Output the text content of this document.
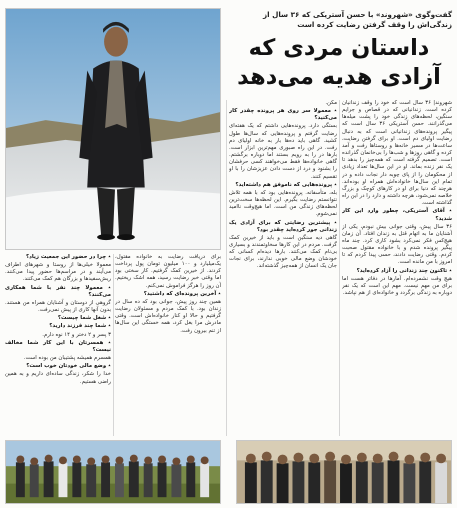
گفت‌وگوی «شهروند» با حسن آستریکی که ۳۶ سال از زندگی‌اش را وقف گرفتن رضایت کرده است
داستان مردی که آزادی هدیه می‌دهد

شهروند| ۳۶ سال است که خود را وقف زندانیان کرده است. زندانیانی که در قصاص و جرایم سنگین، لحظه‌های زندگی خود را پشت میله‌ها می‌گذرانند. حسن آستریکی ۳۶ سال است که پیگیر پرونده‌های زندانیانی است که به دنبال رضایت اولیای دم است. او برای گرفتن رضایت، ساعت‌ها در مسیر خانه‌ها و روستاها رفت و آمد کرده و گاهی روزها و شب‌ها را بی‌خانمان گذرانده است. تصمیم گرفته ‌است که همه‌چیز را بدهد تا یک نفر زنده بماند. او در این سال‌ها تعداد زیادی از محکومان را از پای چوبه دار نجات داده و در تمام این سال‌ها خانواده‌اش همراه او بوده‌اند. هرچند که دنیا برای او در کارهای کوچک و بزرگ خلاصه نمی‌شود، هرچه داشته و دارد را در این راه گذاشته است.

٭ آقای آستریکی، چطور وارد این کار شدید؟

۳۶ سال پیش، وقتی جوانی بیش نبودم، یکی از آشنایان ما به اتهام قتل به زندان افتاد. آن زمان هیچ‌کس فکر نمی‌کرد بشود کاری کرد. چند ماه پیگیر پرونده شدم و با خانواده مقتول صحبت کردم. وقتی رضایت دادند، حسی پیدا کردم که تا امروز با من مانده است.

٭ تاکنون چند زندانی را آزاد کرده‌اید؟

هیچ وقت نشمرده‌ام. آمارها در دفاتر هست اما برای من مهم نیست. مهم این است که یک نفر دوباره به زندگی برگردد و خانواده‌ای از هم نپاشد.

مکن.

٭ معمولا سر روی هر پرونده چقدر کار می‌کنید؟

بستگی دارد. پرونده‌هایی داشتم که یک هفته‌ای رضایت گرفتم و پرونده‌هایی که سال‌ها طول کشید. گاهی باید ده‌ها بار به خانه اولیای دم رفت. در این راه صبوری مهم‌ترین ابزار است. بارها در را به رویم بستند اما دوباره برگشتم. گاهی خانواده‌ها فقط می‌خواهند کسی حرفشان را بشنود و درد از دست دادن عزیزشان را با او تقسیم کنند.

٭ پرونده‌هایی که ناموفق هم داشته‌اید؟

بله، متأسفانه. پرونده‌هایی بود که با همه تلاش نتوانستم رضایت بگیرم. این لحظه‌ها سخت‌ترین لحظه‌های زندگی من است. اما هیچ‌وقت ناامید نمی‌شوم.

٭ پیشترین رضایتی که برای آزادی یک زندانی جور کرده‌اید چقدر بود؟

گاهی دیه سنگین است و باید از خیرین کمک گرفت. مردم در این کارها سخاوتمندند و بسیاری بی‌نام کمک می‌کنند. بارها دیده‌ام کسانی که خودشان وضع مالی خوبی ندارند، برای نجات جان یک انسان از همه‌چیز گذشته‌اند.

برای دریافت رضایت به خانواده مقتول، یک‌میلیارد و ۱۰۰ میلیون تومان پول پرداخت کردند. از خیرین کمک گرفتیم. کار سختی بود اما وقتی خبر رضایت رسید، همه اشک ریختیم. آن روز را هرگز فراموش نمی‌کنم.

٭ آخرین پرونده‌ای که داشتید؟

همین چند روز پیش، جوانی بود که ده سال در زندان بود. با کمک مردم و مسئولان رضایت گرفتیم و حالا او کنار خانواده‌اش است. وقتی مادرش مرا بغل کرد، همه خستگی این سال‌ها از تنم بیرون رفت.

٭ چرا در حضور این جمعیت زیاد؟

معمولا خیلی‌ها از روستا و شهرهای اطراف می‌آیند و در مراسم‌ها حضور پیدا می‌کنند. ریش‌سفیدها و بزرگان هم کمک می‌کنند.

٭ معمولا چند نفر با شما همکاری می‌کنند؟

گروهی از دوستان و آشنایان همراه من هستند. بدون آنها کاری از پیش نمی‌رفت.

٭ شغل شما چیست؟

٭ شما چند فرزند دارید؟

۳ پسر و ۲ دختر و ۱۴ نوه دارم.

٭ همسرتان با این کار شما مخالف نیست؟

همسرم همیشه پشتیبان من بوده است.

٭ وضع مالی خودتان خوب است؟

خدا را شکر، زندگی ساده‌ای داریم و به همین راضی هستیم.
